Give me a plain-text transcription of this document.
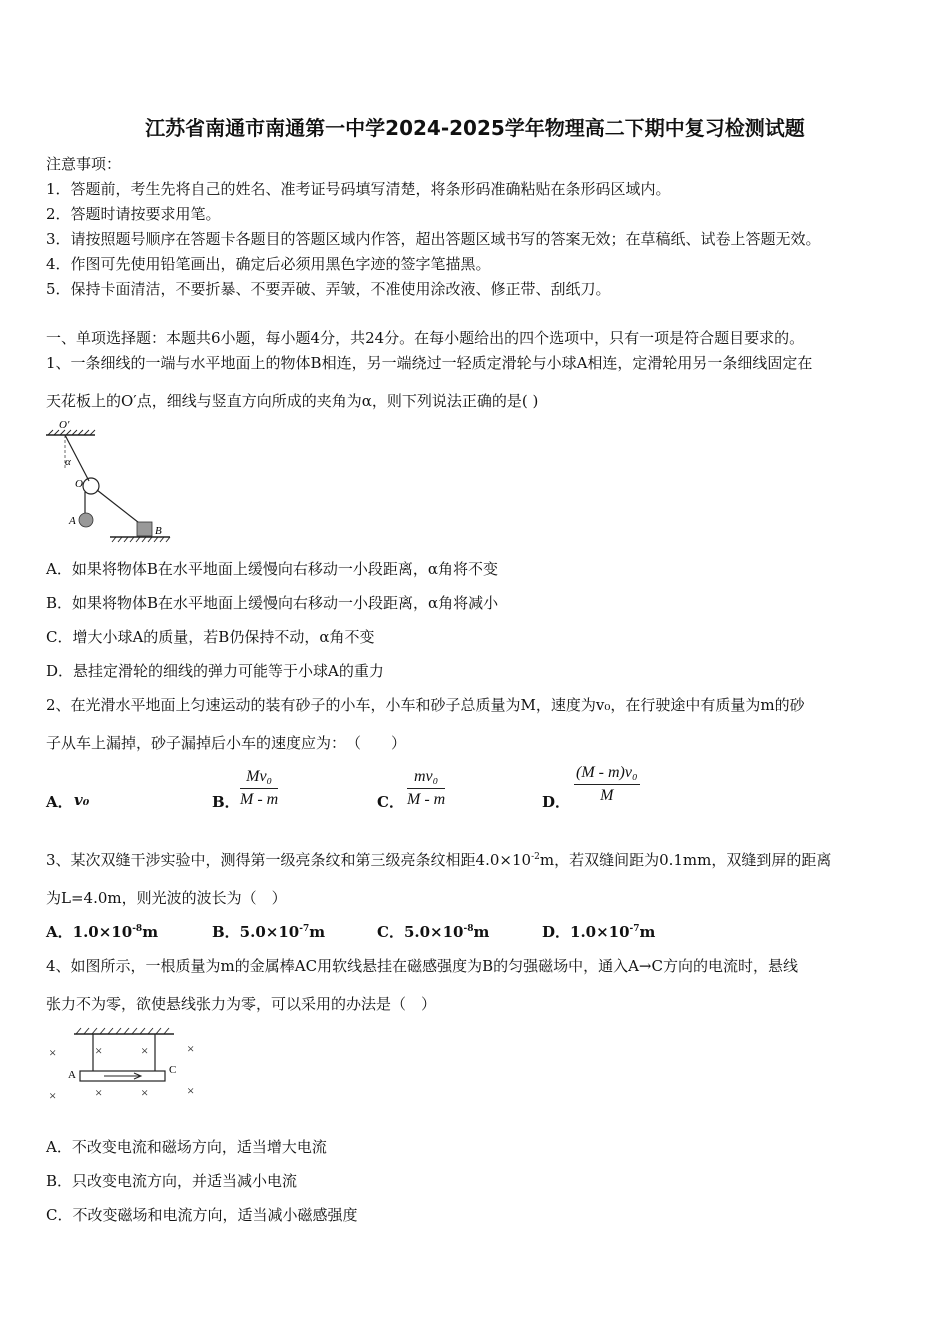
江苏省南通市南通第一中学2024-2025学年物理高二下期中复习检测试题
注意事项：
1．答题前，考生先将自己的姓名、准考证号码填写清楚，将条形码准确粘贴在条形码区域内。
2．答题时请按要求用笔。
3．请按照题号顺序在答题卡各题目的答题区域内作答，超出答题区域书写的答案无效；在草稿纸、试卷上答题无效。
4．作图可先使用铅笔画出，确定后必须用黑色字迹的签字笔描黑。
5．保持卡面清洁，不要折暴、不要弄破、弄皱，不准使用涂改液、修正带、刮纸刀。
一、单项选择题：本题共6小题，每小题4分，共24分。在每小题给出的四个选项中，只有一项是符合题目要求的。
1、一条细线的一端与水平地面上的物体B相连，另一端绕过一轻质定滑轮与小球A相连，定滑轮用另一条细线固定在
天花板上的O′点，细线与竖直方向所成的夹角为α，则下列说法正确的是( )
O′
α
O
A
B
A．如果将物体B在水平地面上缓慢向右移动一小段距离，α角将不变
B．如果将物体B在水平地面上缓慢向右移动一小段距离，α角将减小
C．增大小球A的质量，若B仍保持不动，α角不变
D．悬挂定滑轮的细线的弹力可能等于小球A的重力
2、在光滑水平地面上匀速运动的装有砂子的小车，小车和砂子总质量为M，速度为v₀，在行驶途中有质量为m的砂
子从车上漏掉，砂子漏掉后小车的速度应为：　（　　）
A． v₀	B． $\frac{\text{Mv₀}}{M - m}$	C． $\frac{\text{mv₀}}{M - m}$	D． $\frac{\text{(M - m)v₀}}{M}$
3、某次双缝干涉实验中，测得第一级亮条纹和第三级亮条纹相距$4.0\times 10^{-2}m$，若双缝间距为0.1mm，双缝到屏的距离
为L=4.0m，则光波的波长为（　）
A．$1.0\times 10^{-8}m$	B．$5.0\times 10^{-7}m$	C．$5.0\times 10^{-8}m$	D．$1.0\times 10^{-7}m$
4、如图所示，一根质量为m的金属棒AC用软线悬挂在磁感强度为B的匀强磁场中，通入A→C方向的电流时，悬线
张力不为零，欲使悬线张力为零，可以采用的办法是（　）
A	C
×	×	×	×
×	×	×	×
A．不改变电流和磁场方向，适当增大电流
B．只改变电流方向，并适当减小电流
C．不改变磁场和电流方向，适当减小磁感强度
